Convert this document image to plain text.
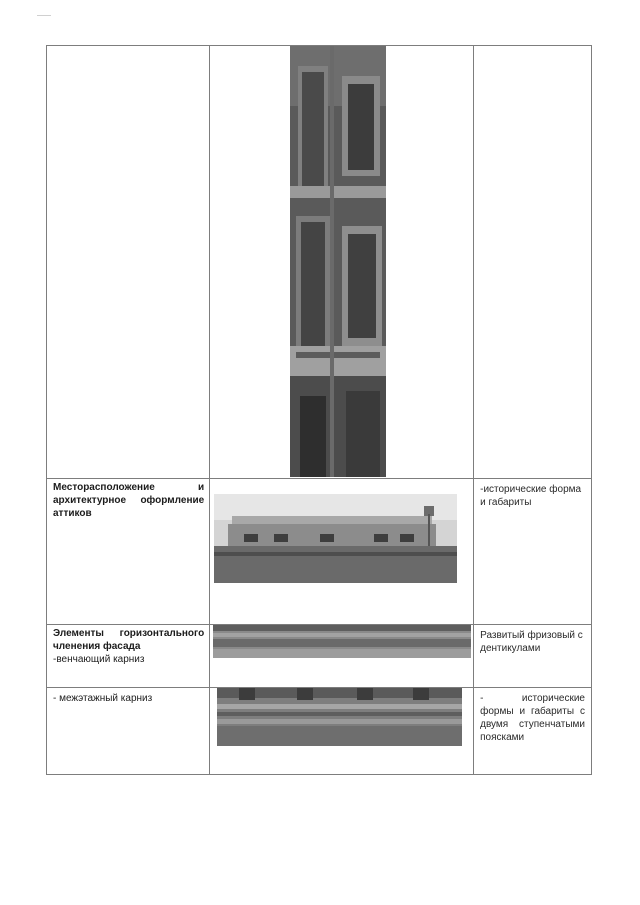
Месторасположение и архитектурное оформление аттиков		-исторические форма и габариты

Элементы горизонтального членения фасада
-венчающий карниз		Развитый фризовый с дентикулами

- межэтажный карниз		- исторические формы и габариты с двумя ступенчатыми поясками
